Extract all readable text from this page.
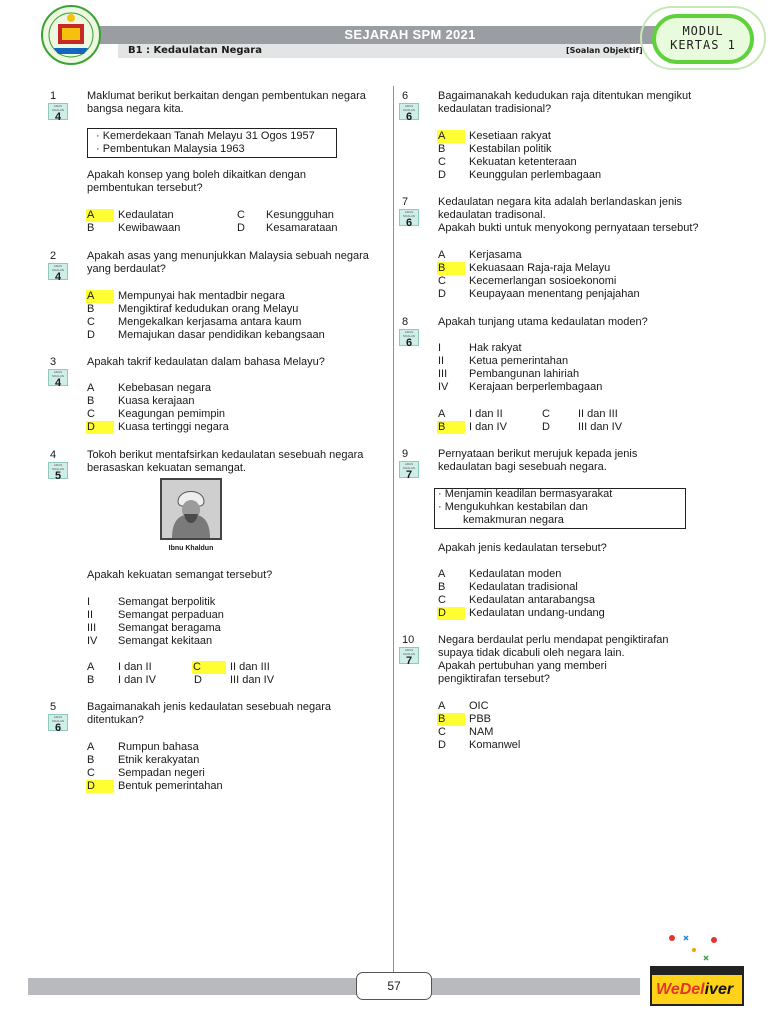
SEJARAH SPM 2021
B1 : Kedaulatan Negara	[Soalan Objektif]
MODUL
KERTAS 1
1
ARAS SOALAN
4
Maklumat berikut berkaitan dengan pembentukan negara
bangsa negara kita.
· Kemerdekaan Tanah Melayu 31 Ogos 1957
· Pembentukan Malaysia 1963
Apakah konsep yang boleh dikaitkan dengan
pembentukan tersebut?
A	Kedaulatan	C Kesungguhan
B Kewibawaan	D Kesamarataan
2
ARAS SOALAN
4
Apakah asas yang menunjukkan Malaysia sebuah negara
yang berdaulat?
A	Mempunyai hak mentadbir negara
B Mengiktiraf kedudukan orang Melayu
C Mengekalkan kerjasama antara kaum
D Memajukan dasar pendidikan kebangsaan
3
ARAS SOALAN
4
Apakah takrif kedaulatan dalam bahasa Melayu?
A Kebebasan negara
B Kuasa kerajaan
C Keagungan pemimpin
D	Kuasa tertinggi negara
4
ARAS SOALAN
5
Tokoh berikut mentafsirkan kedaulatan sesebuah negara
berasaskan kekuatan semangat.
Ibnu Khaldun
Apakah kekuatan semangat tersebut?
I	Semangat berpolitik
II Semangat perpaduan
III Semangat beragama
IV Semangat kekitaan
A I dan II	C	II dan III
B I dan IV	D	III dan IV
5
ARAS SOALAN
6
Bagaimanakah jenis kedaulatan sesebuah negara
ditentukan?
A Rumpun bahasa
B Etnik kerakyatan
C Sempadan negeri
D	Bentuk pemerintahan
6
ARAS SOALAN
6
Bagaimanakah kedudukan raja ditentukan mengikut
kedaulatan tradisional?
A	Kesetiaan rakyat
B Kestabilan politik
C Kekuatan ketenteraan
D Keunggulan perlembagaan
7
ARAS SOALAN
6
Kedaulatan negara kita adalah berlandaskan jenis
kedaulatan tradisonal.
Apakah bukti untuk menyokong pernyataan tersebut?
A Kerjasama
B	Kekuasaan Raja-raja Melayu
C Kecemerlangan sosioekonomi
D Keupayaan menentang penjajahan
8
ARAS SOALAN
6
Apakah tunjang utama kedaulatan moden?
I	Hak rakyat
II Ketua pemerintahan
III Pembangunan lahiriah
IV Kerajaan berperlembagaan
A I dan II	C	II dan III
B	I dan IV	D	III dan IV
9
ARAS SOALAN
7
Pernyataan berikut merujuk kepada jenis
kedaulatan bagi sesebuah negara.
· Menjamin keadilan bermasyarakat
· Mengukuhkan kestabilan dan
kemakmuran negara
Apakah jenis kedaulatan tersebut?
A Kedaulatan moden
B Kedaulatan tradisional
C Kedaulatan antarabangsa
D	Kedaulatan undang-undang
10
ARAS SOALAN
7
Negara berdaulat perlu mendapat pengiktirafan
supaya tidak dicabuli oleh negara lain.
Apakah pertubuhan yang memberi
pengiktirafan tersebut?
A OIC
B	PBB
C NAM
D Komanwel
57	WeDeliver
